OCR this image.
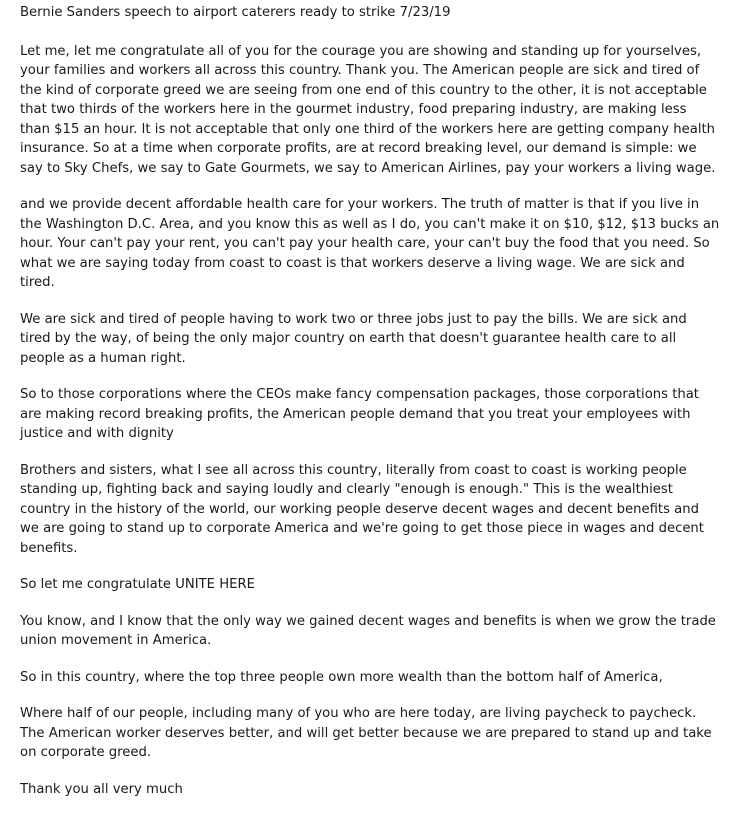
Bernie Sanders speech to airport caterers ready to strike 7/23/19

Let me, let me congratulate all of you for the courage you are showing and standing up for yourselves,
your families and workers all across this country. Thank you. The American people are sick and tired of
the kind of corporate greed we are seeing from one end of this country to the other, it is not acceptable
that two thirds of the workers here in the gourmet industry, food preparing industry, are making less
than $15 an hour. It is not acceptable that only one third of the workers here are getting company health
insurance. So at a time when corporate profits, are at record breaking level, our demand is simple: we
say to Sky Chefs, we say to Gate Gourmets, we say to American Airlines, pay your workers a living wage.

and we provide decent affordable health care for your workers. The truth of matter is that if you live in
the Washington D.C. Area, and you know this as well as I do, you can't make it on $10, $12, $13 bucks an
hour. Your can't pay your rent, you can't pay your health care, your can't buy the food that you need. So
what we are saying today from coast to coast is that workers deserve a living wage. We are sick and
tired.

We are sick and tired of people having to work two or three jobs just to pay the bills. We are sick and
tired by the way, of being the only major country on earth that doesn't guarantee health care to all
people as a human right.

So to those corporations where the CEOs make fancy compensation packages, those corporations that
are making record breaking profits, the American people demand that you treat your employees with
justice and with dignity

Brothers and sisters, what I see all across this country, literally from coast to coast is working people
standing up, fighting back and saying loudly and clearly "enough is enough." This is the wealthiest
country in the history of the world, our working people deserve decent wages and decent benefits and
we are going to stand up to corporate America and we're going to get those piece in wages and decent
benefits.

So let me congratulate UNITE HERE

You know, and I know that the only way we gained decent wages and benefits is when we grow the trade
union movement in America.

So in this country, where the top three people own more wealth than the bottom half of America,

Where half of our people, including many of you who are here today, are living paycheck to paycheck.
The American worker deserves better, and will get better because we are prepared to stand up and take
on corporate greed.

Thank you all very much
